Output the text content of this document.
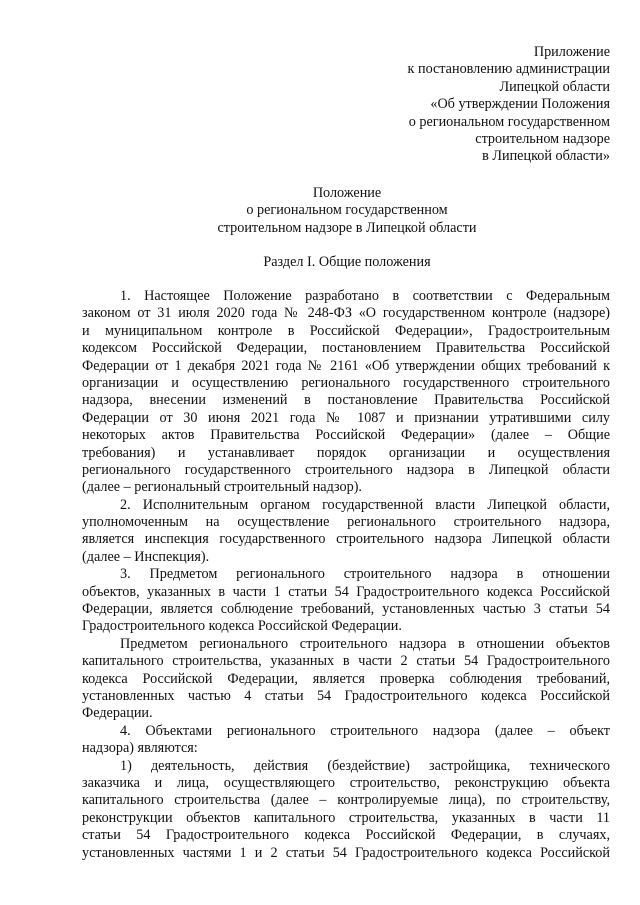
Приложение
к постановлению администрации
Липецкой области
«Об утверждении Положения
о региональном государственном
строительном надзоре
в Липецкой области»
Положение
о региональном государственном
строительном надзоре в Липецкой области
Раздел I. Общие положения
1. Настоящее Положение разработано в соответствии с Федеральным
законом от 31 июля 2020 года № 248-ФЗ «О государственном контроле (надзоре)
и муниципальном контроле в Российской Федерации», Градостроительным
кодексом Российской Федерации, постановлением Правительства Российской
Федерации от 1 декабря 2021 года № 2161 «Об утверждении общих требований к
организации и осуществлению регионального государственного строительного
надзора, внесении изменений в постановление Правительства Российской
Федерации от 30 июня 2021 года № 1087 и признании утратившими силу
некоторых актов Правительства Российской Федерации» (далее – Общие
требования) и устанавливает порядок организации и осуществления
регионального государственного строительного надзора в Липецкой области
(далее – региональный строительный надзор).
2. Исполнительным органом государственной власти Липецкой области,
уполномоченным на осуществление регионального строительного надзора,
является инспекция государственного строительного надзора Липецкой области
(далее – Инспекция).
3. Предметом регионального строительного надзора в отношении
объектов, указанных в части 1 статьи 54 Градостроительного кодекса Российской
Федерации, является соблюдение требований, установленных частью 3 статьи 54
Градостроительного кодекса Российской Федерации.
Предметом регионального строительного надзора в отношении объектов
капитального строительства, указанных в части 2 статьи 54 Градостроительного
кодекса Российской Федерации, является проверка соблюдения требований,
установленных частью 4 статьи 54 Градостроительного кодекса Российской
Федерации.
4. Объектами регионального строительного надзора (далее – объект
надзора) являются:
1) деятельность, действия (бездействие) застройщика, технического
заказчика и лица, осуществляющего строительство, реконструкцию объекта
капитального строительства (далее – контролируемые лица), по строительству,
реконструкции объектов капитального строительства, указанных в части 11
статьи 54 Градостроительного кодекса Российской Федерации, в случаях,
установленных частями 1 и 2 статьи 54 Градостроительного кодекса Российской
